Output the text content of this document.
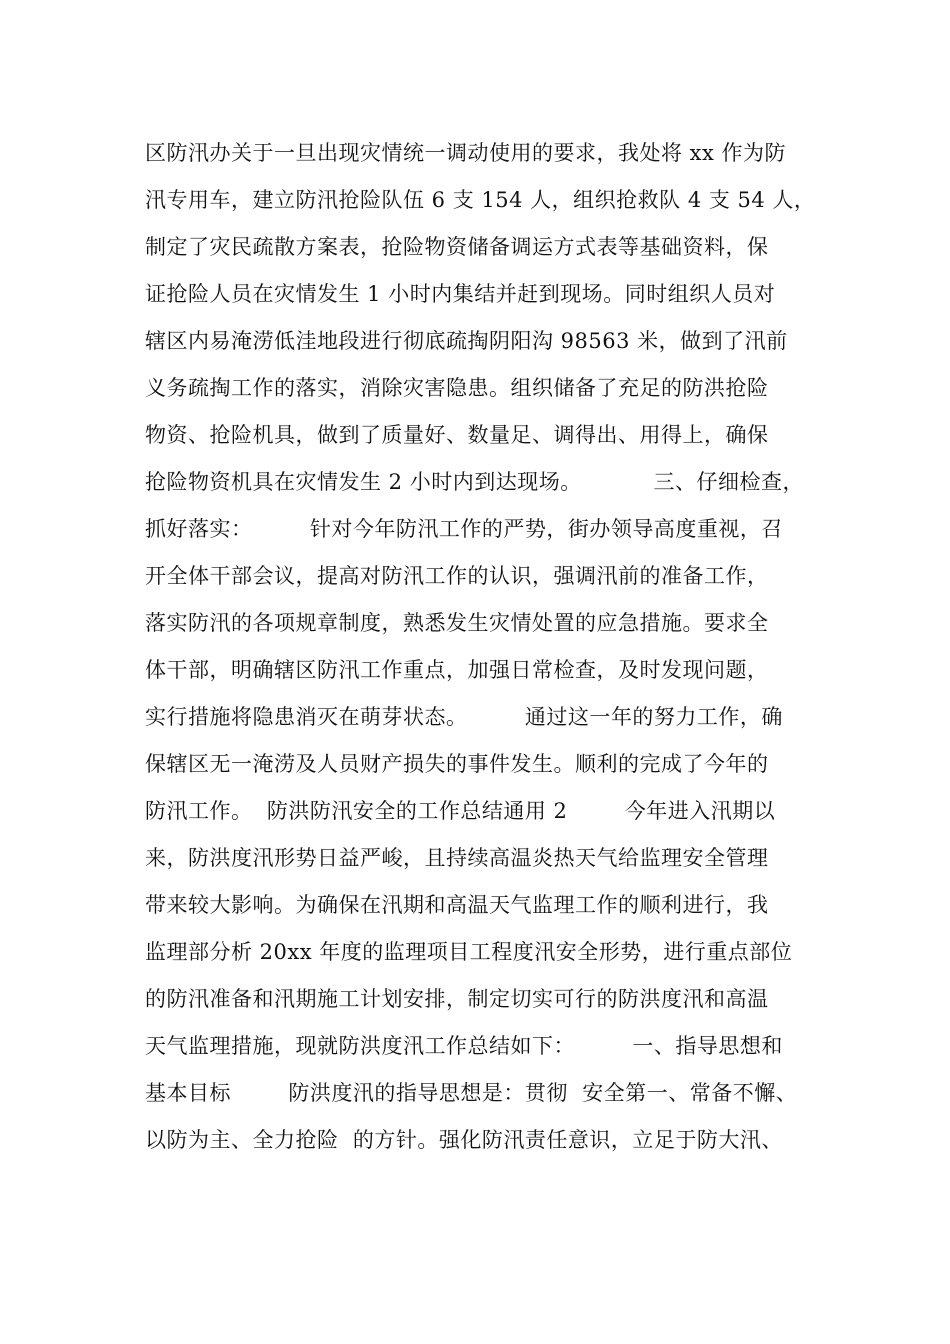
区防汛办关于一旦出现灾情统一调动使用的要求，我处将 xx 作为防
汛专用车，建立防汛抢险队伍 6 支 154 人，组织抢救队 4 支 54 人，
制定了灾民疏散方案表，抢险物资储备调运方式表等基础资料，保
证抢险人员在灾情发生 1 小时内集结并赶到现场。同时组织人员对
辖区内易淹涝低洼地段进行彻底疏掏阴阳沟 98563 米，做到了汛前
义务疏掏工作的落实，消除灾害隐患。组织储备了充足的防洪抢险
物资、抢险机具，做到了质量好、数量足、调得出、用得上，确保
抢险物资机具在灾情发生 2 小时内到达现场。          三、仔细检查，
抓好落实：        针对今年防汛工作的严势，街办领导高度重视，召
开全体干部会议，提高对防汛工作的认识，强调汛前的准备工作，
落实防汛的各项规章制度，熟悉发生灾情处置的应急措施。要求全
体干部，明确辖区防汛工作重点，加强日常检查，及时发现问题，
实行措施将隐患消灭在萌芽状态。        通过这一年的努力工作，确
保辖区无一淹涝及人员财产损失的事件发生。顺利的完成了今年的
防汛工作。  防洪防汛安全的工作总结通用 2        今年进入汛期以
来，防洪度汛形势日益严峻，且持续高温炎热天气给监理安全管理
带来较大影响。为确保在汛期和高温天气监理工作的顺利进行，我
监理部分析 20xx 年度的监理项目工程度汛安全形势，进行重点部位
的防汛准备和汛期施工计划安排，制定切实可行的防洪度汛和高温
天气监理措施，现就防洪度汛工作总结如下：        一、指导思想和
基本目标        防洪度汛的指导思想是：贯彻  安全第一、常备不懈、
以防为主、全力抢险  的方针。强化防汛责任意识，立足于防大汛、
